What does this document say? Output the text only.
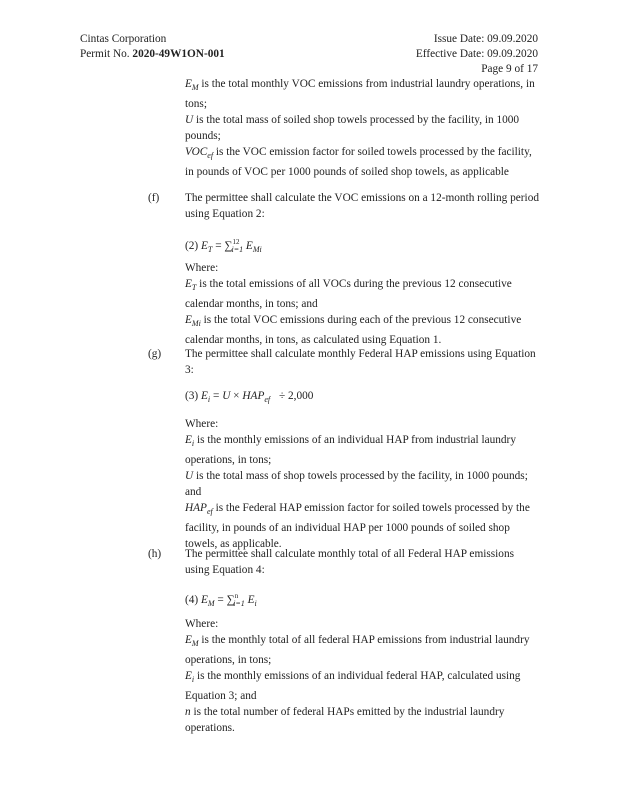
Cintas Corporation
Permit No. 2020-49W1ON-001
Issue Date: 09.09.2020
Effective Date: 09.09.2020
Page 9 of 17

$E_M$ is the total monthly VOC emissions from industrial laundry operations, in tons;

U is the total mass of soiled shop towels processed by the facility, in 1000 pounds;

$VOC_{ef}$ is the VOC emission factor for soiled towels processed by the facility, in pounds of VOC per 1000 pounds of soiled shop towels, as applicable

(f) The permittee shall calculate the VOC emissions on a 12-month rolling period using Equation 2:
(2) $E_T = \sum^{12}_{i=1}$ $E_{Mi}$

Where:

$E_T$ is the total emissions of all VOCs during the previous 12 consecutive calendar months, in tons; and

$E_{Mi}$ is the total VOC emissions during each of the previous 12 consecutive calendar months, in tons, as calculated using Equation 1.

(g) The permittee shall calculate monthly Federal HAP emissions using Equation 3:
(3) $E_i = U \times HAP_{ef} \div 2,000$

Where:

$E_i$ is the monthly emissions of an individual HAP from industrial laundry operations, in tons;

U is the total mass of shop towels processed by the facility, in 1000 pounds; and

$HAP_{ef}$ is the Federal HAP emission factor for soiled towels processed by the facility, in pounds of an individual HAP per 1000 pounds of soiled shop towels, as applicable.

(h) The permittee shall calculate monthly total of all Federal HAP emissions using Equation 4:
(4) $E_M = \sum^n_{i=1}$ $E_i$

Where:

$E_M$ is the monthly total of all federal HAP emissions from industrial laundry operations, in tons;

$E_i$ is the monthly emissions of an individual federal HAP, calculated using Equation 3; and

n is the total number of federal HAPs emitted by the industrial laundry operations.
